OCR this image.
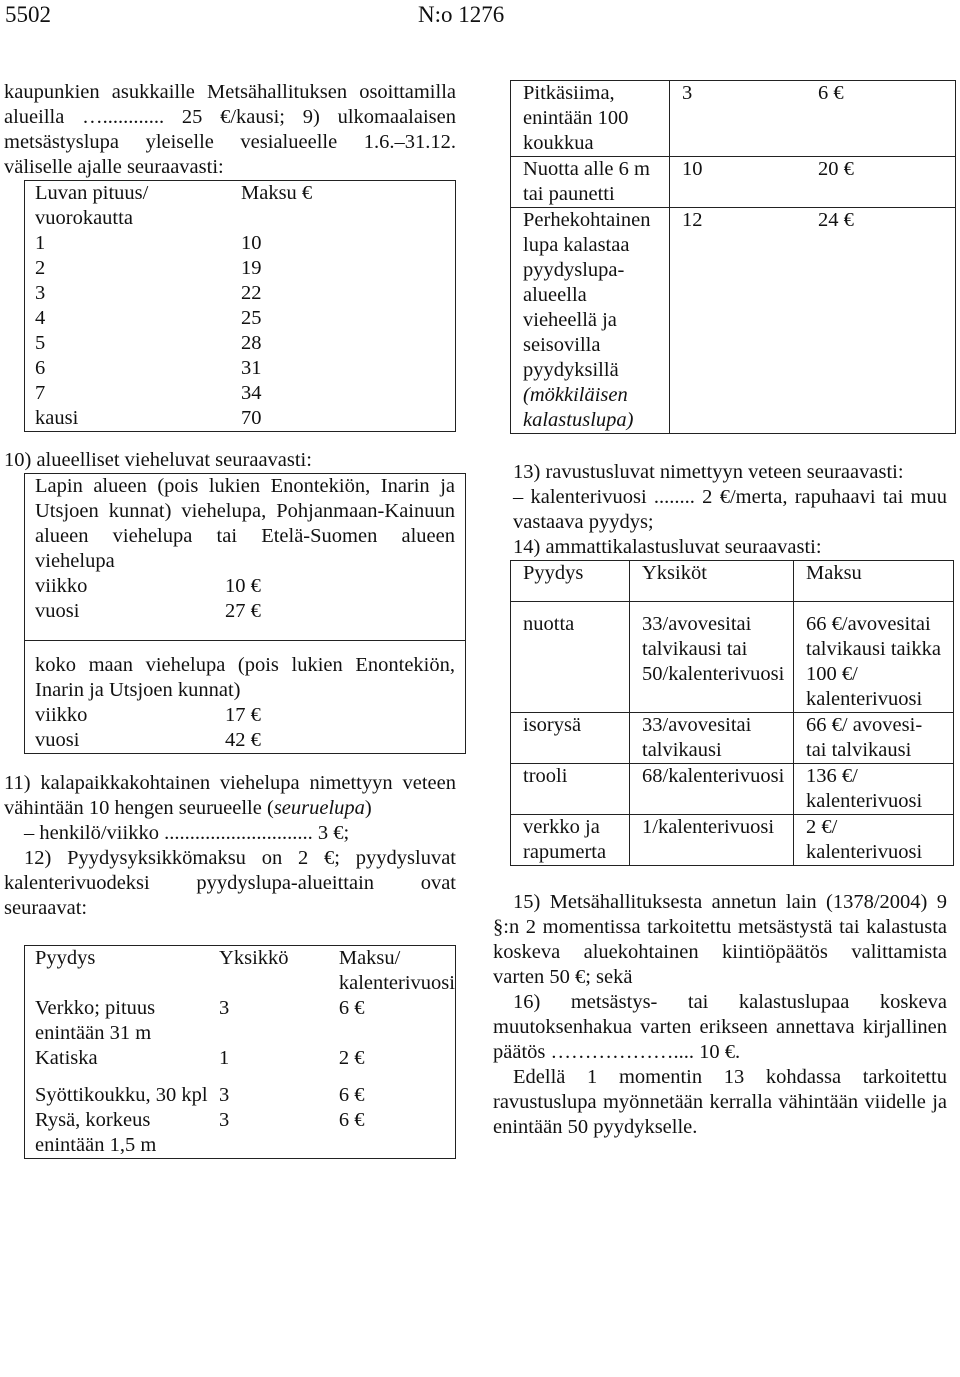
5502	N:o 1276

kaupunkien asukkaille Metsähallituksen osoittamilla alueilla …............ 25 €/kausi; 9) ulkomaalaisen metsästyslupa yleiselle vesialueelle 1.6.–31.12. väliselle ajalle seuraavasti:

Luvan pituus/ vuorokautta	Maksu €
1	10
2	19
3	22
4	25
5	28
6	31
7	34
kausi	70

10) alueelliset vieheluvat seuraavasti:

Lapin alueen (pois lukien Enontekiön, Inarin ja Utsjoen kunnat) viehelupa, Pohjanmaan-Kainuun alueen viehelupa tai Etelä-Suomen alueen viehelupa	
viikko	10 €
vuosi	27 €

koko maan viehelupa (pois lukien Enontekiön, Inarin ja Utsjoen kunnat)	
viikko	17 €
vuosi	42 €

11) kalapaikkakohtainen viehelupa nimettyyn veteen vähintään 10 hengen seurueelle (seuruelupa)

– henkilö/viikko ............................. 3 €;

12) Pyydysyksikkömaksu on 2 €; pyydysluvat kalenterivuodeksi pyydyslupa-alueittain ovat seuraavat:

Pyydys	Yksikkö	Maksu/ kalenterivuosi
Verkko; pituus enintään 31 m	3	6 €
Katiska	1	2 €

Syöttikoukku, 30 kpl	3	6 €
Rysä, korkeus enintään 1,5 m	3	6 €
Pitkäsiima, enintään 100 koukkua	3	6 €
Nuotta alle 6 m tai paunetti	10	20 €
Perhekohtainen lupa kalastaa pyydyslupa-alueella vieheellä ja seisovilla pyydyksillä (mökkiläisen kalastuslupa)	12	24 €

13) ravustusluvat nimettyyn veteen seuraavasti:

– kalenterivuosi ........ 2 €/merta, rapuhaavi tai muu vastaava pyydys;

14) ammattikalastusluvat seuraavasti:

Pyydys	Yksiköt	Maksu
nuotta	33/avovesitai talvikausi tai 50/kalenterivuosi	66 €/avovesitai talvikausi taikka 100 €/ kalenterivuosi
isorysä	33/avovesitai talvikausi	66 €/ avovesi- tai talvikausi
trooli	68/kalenterivuosi	136 €/ kalenterivuosi
verkko ja rapumerta	1/kalenterivuosi	2 €/ kalenterivuosi

15) Metsähallituksesta annetun lain (1378/2004) 9 §:n 2 momentissa tarkoitettu metsästystä tai kalastusta koskeva aluekohtainen kiintiöpäätös valittamista varten 50 €; sekä

16) metsästys- tai kalastuslupaa koskeva muutoksenhakua varten erikseen annettava kirjallinen päätös ……………….... 10 €.

Edellä 1 momentin 13 kohdassa tarkoitettu ravustuslupa myönnetään kerralla vähintään viidelle ja enintään 50 pyydykselle.
